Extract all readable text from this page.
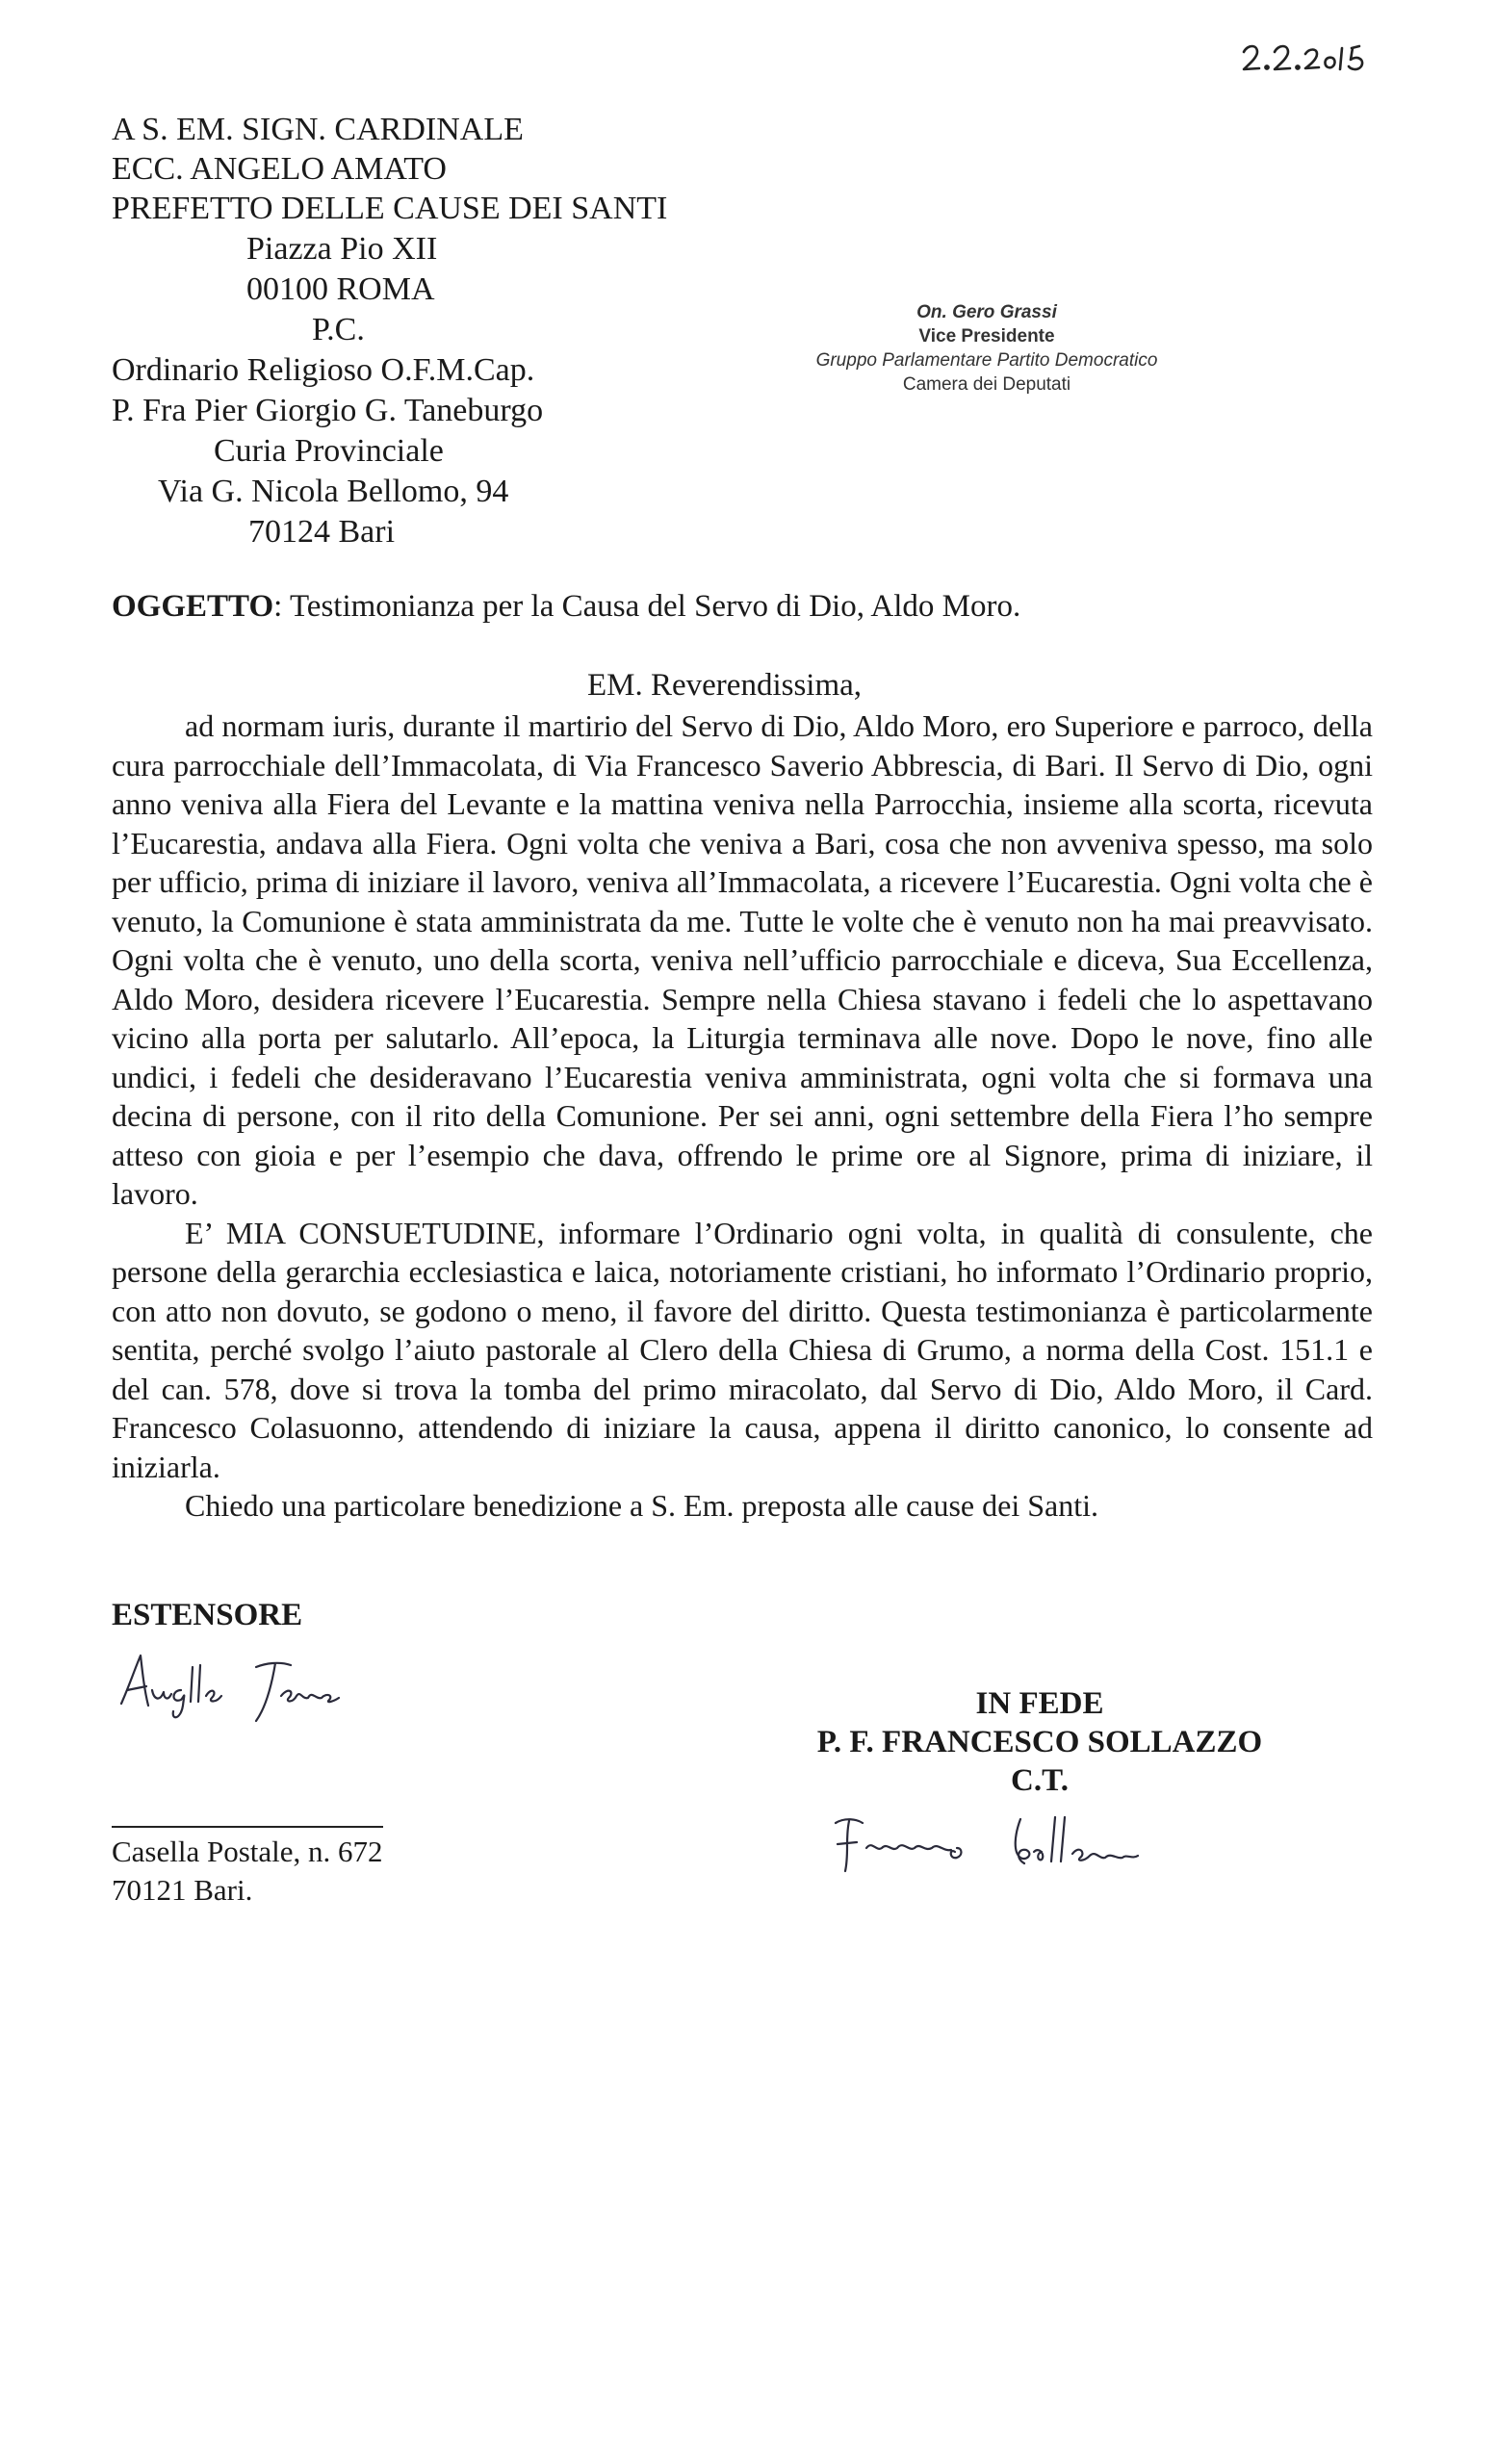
A S. EM. SIGN. CARDINALE
ECC. ANGELO AMATO
PREFETTO DELLE CAUSE DEI SANTI
Piazza Pio XII
00100 ROMA
P.C.
Ordinario Religioso O.F.M.Cap.
P. Fra Pier Giorgio G. Taneburgo
Curia Provinciale
Via G. Nicola Bellomo, 94
70124 Bari
On. Gero Grassi
Vice Presidente
Gruppo Parlamentare Partito Democratico
Camera dei Deputati
OGGETTO: Testimonianza per la Causa del Servo di Dio, Aldo Moro.
EM. Reverendissima,

ad normam iuris, durante il martirio del Servo di Dio, Aldo Moro, ero Superiore e parroco, della cura parrocchiale dell’Immacolata, di Via Francesco Saverio Abbrescia, di Bari. Il Servo di Dio, ogni anno veniva alla Fiera del Levante e la mattina veniva nella Parrocchia, insieme alla scorta, ricevuta l’Eucarestia, andava alla Fiera. Ogni volta che veniva a Bari, cosa che non avveniva spesso, ma solo per ufficio, prima di iniziare il lavoro, veniva all’Immacolata, a ricevere l’Eucarestia. Ogni volta che è venuto, la Comunione è stata amministrata da me. Tutte le volte che è venuto non ha mai preavvisato. Ogni volta che è venuto, uno della scorta, veniva nell’ufficio parrocchiale e diceva, Sua Eccellenza, Aldo Moro, desidera ricevere l’Eucarestia. Sempre nella Chiesa stavano i fedeli che lo aspettavano vicino alla porta per salutarlo. All’epoca, la Liturgia terminava alle nove. Dopo le nove, fino alle undici, i fedeli che desideravano l’Eucarestia veniva amministrata, ogni volta che si formava una decina di persone, con il rito della Comunione. Per sei anni, ogni settembre della Fiera l’ho sempre atteso con gioia e per l’esempio che dava, offrendo le prime ore al Signore, prima di iniziare, il lavoro.

E’ MIA CONSUETUDINE, informare l’Ordinario ogni volta, in qualità di consulente, che persone della gerarchia ecclesiastica e laica, notoriamente cristiani, ho informato l’Ordinario proprio, con atto non dovuto, se godono o meno, il favore del diritto. Questa testimonianza è particolarmente sentita, perché svolgo l’aiuto pastorale al Clero della Chiesa di Grumo, a norma della Cost. 151.1 e del can. 578, dove si trova la tomba del primo miracolato, dal Servo di Dio, Aldo Moro, il Card. Francesco Colasuonno, attendendo di iniziare la causa, appena il diritto canonico, lo consente ad iniziarla.

Chiedo una particolare benedizione a S. Em. preposta alle cause dei Santi.

ESTENSORE
IN FEDE
P. F. FRANCESCO SOLLAZZO
C.T.
Casella Postale, n. 672
70121 Bari.
